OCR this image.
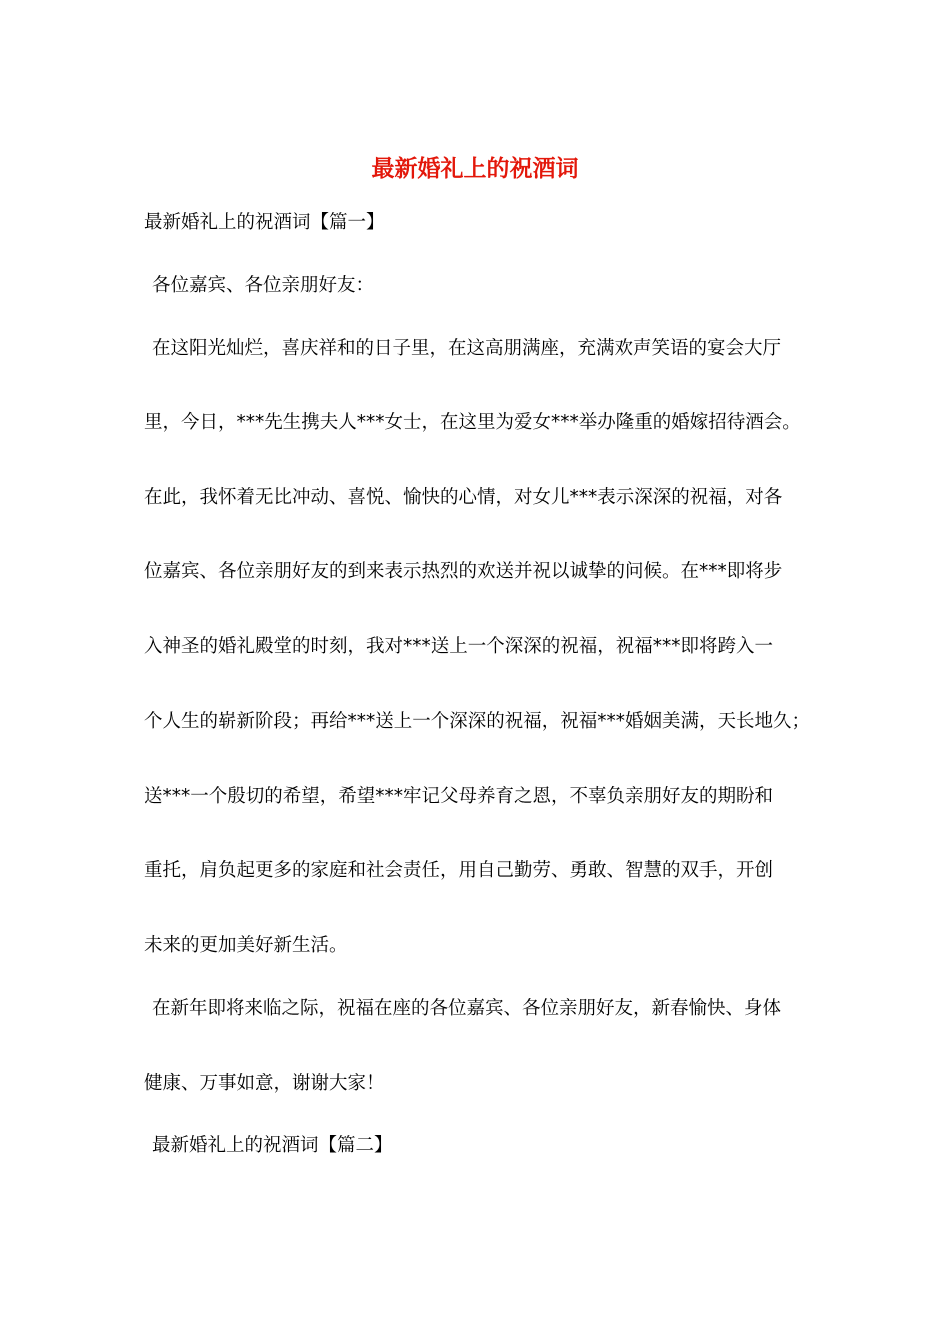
最新婚礼上的祝酒词

最新婚礼上的祝酒词【篇一】

各位嘉宾、各位亲朋好友：

在这阳光灿烂，喜庆祥和的日子里，在这高朋满座，充满欢声笑语的宴会大厅

里，今日，***先生携夫人***女士，在这里为爱女***举办隆重的婚嫁招待酒会。

在此，我怀着无比冲动、喜悦、愉快的心情，对女儿***表示深深的祝福，对各

位嘉宾、各位亲朋好友的到来表示热烈的欢送并祝以诚挚的问候。在***即将步

入神圣的婚礼殿堂的时刻，我对***送上一个深深的祝福，祝福***即将跨入一

个人生的崭新阶段；再给***送上一个深深的祝福，祝福***婚姻美满，天长地久；

送***一个殷切的希望，希望***牢记父母养育之恩，不辜负亲朋好友的期盼和

重托，肩负起更多的家庭和社会责任，用自己勤劳、勇敢、智慧的双手，开创

未来的更加美好新生活。

在新年即将来临之际，祝福在座的各位嘉宾、各位亲朋好友，新春愉快、身体

健康、万事如意，谢谢大家！

最新婚礼上的祝酒词【篇二】
